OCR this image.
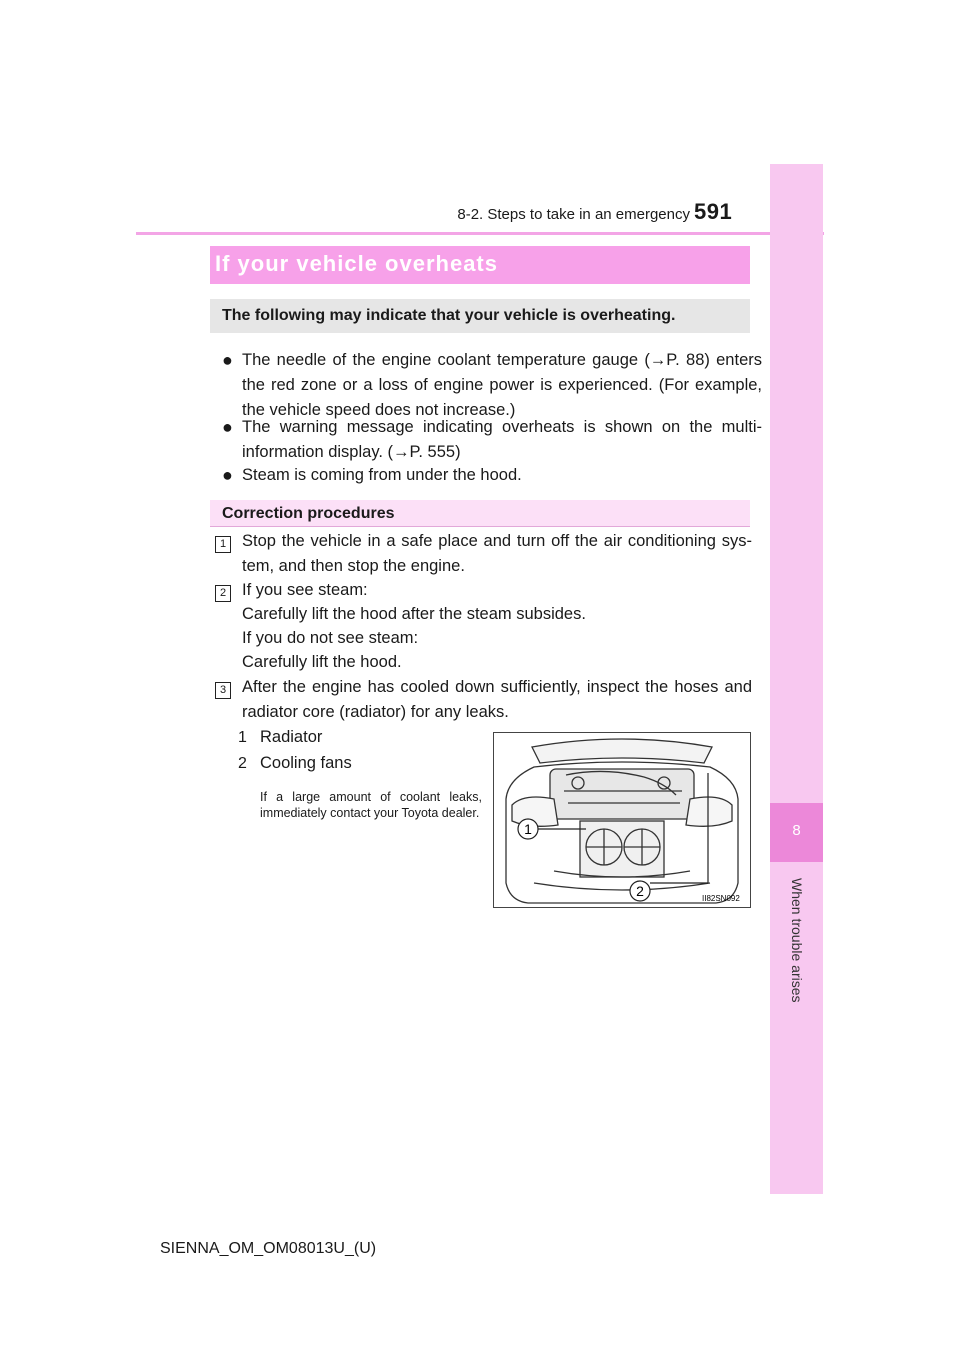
8-2. Steps to take in an emergency 591
8
When trouble arises
If your vehicle overheats
The following may indicate that your vehicle is overheating.
● The needle of the engine coolant temperature gauge (→P. 88) enters the red zone or a loss of engine power is experienced. (For example, the vehicle speed does not increase.)
● The warning message indicating overheats is shown on the multi-information display. (→P. 555)
● Steam is coming from under the hood.
Correction procedures
1 Stop the vehicle in a safe place and turn off the air conditioning sys-tem, and then stop the engine.
2 If you see steam:
Carefully lift the hood after the steam subsides.
If you do not see steam:
Carefully lift the hood.
3 After the engine has cooled down sufficiently, inspect the hoses and radiator core (radiator) for any leaks.
1 Radiator
2 Cooling fans
If a large amount of coolant leaks, immediately contact your Toyota dealer.
1
2	II82SN092
SIENNA_OM_OM08013U_(U)
